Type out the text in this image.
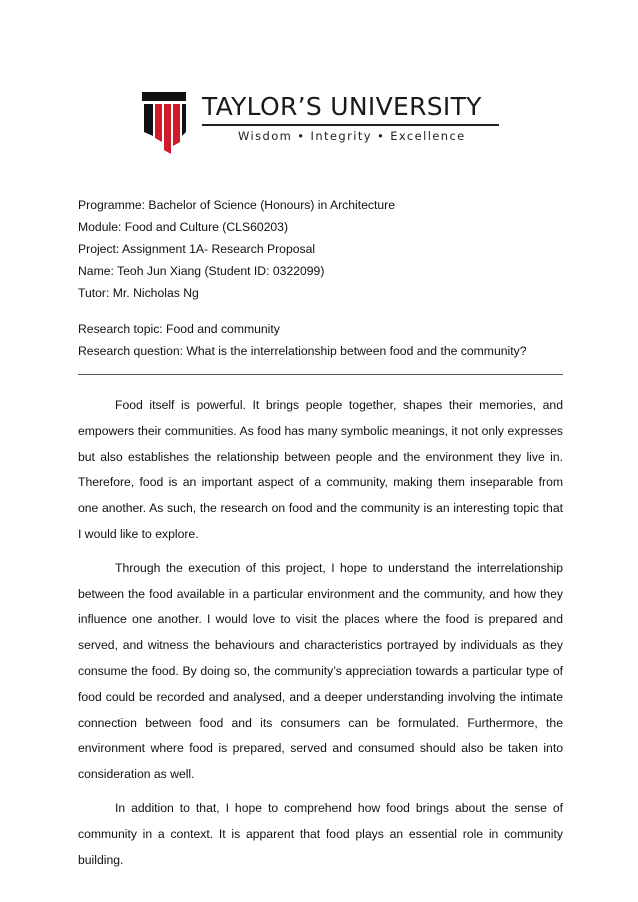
TAYLOR’S UNIVERSITY
Wisdom • Integrity • Excellence
Programme: Bachelor of Science (Honours) in Architecture
Module: Food and Culture (CLS60203)
Project: Assignment 1A- Research Proposal
Name: Teoh Jun Xiang (Student ID: 0322099)
Tutor: Mr. Nicholas Ng
Research topic: Food and community
Research question: What is the interrelationship between food and the community?

Food itself is powerful. It brings people together, shapes their memories, and empowers their communities. As food has many symbolic meanings, it not only expresses but also establishes the relationship between people and the environment they live in. Therefore, food is an important aspect of a community, making them inseparable from one another. As such, the research on food and the community is an interesting topic that I would like to explore.

Through the execution of this project, I hope to understand the interrelationship between the food available in a particular environment and the community, and how they influence one another. I would love to visit the places where the food is prepared and served, and witness the behaviours and characteristics portrayed by individuals as they consume the food. By doing so, the community’s appreciation towards a particular type of food could be recorded and analysed, and a deeper understanding involving the intimate connection between food and its consumers can be formulated. Furthermore, the environment where food is prepared, served and consumed should also be taken into consideration as well.

In addition to that, I hope to comprehend how food brings about the sense of community in a context. It is apparent that food plays an essential role in community building.
